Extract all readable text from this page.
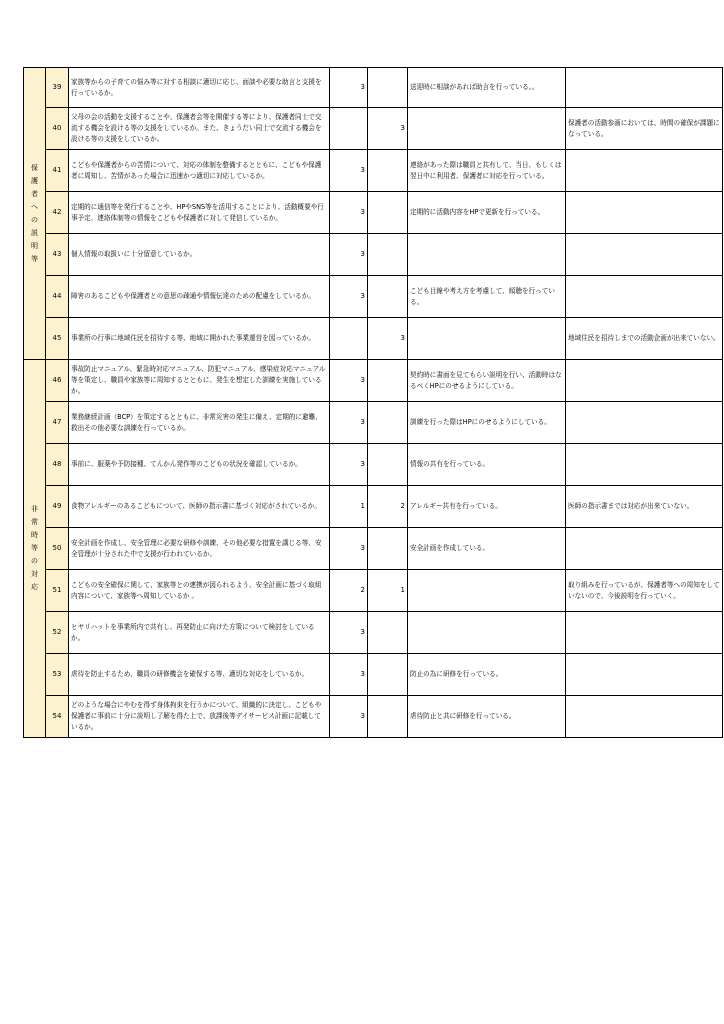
保護者への説明等	39	家族等からの子育ての悩み等に対する相談に適切に応じ、面談や必要な助言と支援を行っているか。	3		送迎時に相談があれば助言を行っている。。	
	40	父母の会の活動を支援することや、保護者会等を開催する等により、保護者同士で交流する機会を設ける等の支援をしているか。また、きょうだい同士で交流する機会を設ける等の支援をしているか。		3		保護者の活動参画においては、時間の確保が課題になっている。
	41	こどもや保護者からの苦情について、対応の体制を整備するとともに、こどもや保護者に周知し、苦情があった場合に迅速かつ適切に対応しているか。	3		連絡があった際は職員と共有して、当日、もしくは翌日中に利用者、保護者に対応を行っている。	
	42	定期的に通信等を発行することや、HPやSNS等を活用することにより、活動概要や行事予定、連絡体制等の情報をこどもや保護者に対して発信しているか。	3		定期的に活動内容をHPで更新を行っている。	
	43	個人情報の取扱いに十分留意しているか。	3			
	44	障害のあるこどもや保護者との意思の疎通や情報伝達のための配慮をしているか。	3		こども目線や考え方を考慮して、傾聴を行っている。	
	45	事業所の行事に地域住民を招待する等、地域に開かれた事業運営を図っているか。		3		地域住民を招待しまでの活動企画が出来ていない。

非常時等の対応	46	事故防止マニュアル、緊急時対応マニュアル、防犯マニュアル、感染症対応マニュアル等を策定し、職員や家族等に周知するとともに、発生を想定した訓練を実施しているか。	3		契約時に書面を見てもらい説明を行い、活動時はなるべくHPにのせるようにしている。	
	47	業務継続計画（BCP）を策定するとともに、非常災害の発生に備え、定期的に避難、救出その他必要な訓練を行っているか。	3		訓練を行った際はHPにのせるようにしている。	
	48	事前に、服薬や予防接種、てんかん発作等のこどもの状況を確認しているか。	3		情報の共有を行っている。	
	49	食物アレルギーのあるこどもについて、医師の指示書に基づく対応がされているか。	1	2	アレルギー共有を行っている。	医師の指示書までは対応が出来ていない。
	50	安全計画を作成し、安全管理に必要な研修や訓練、その他必要な措置を講じる等、安全管理が十分された中で支援が行われているか。	3		安全計画を作成している。	
	51	こどもの安全確保に関して、家族等との連携が図られるよう、安全計画に基づく取組内容について、家族等へ周知しているか 。	2	1		取り組みを行っているが、保護者等への周知をしていないので、今後説明を行っていく。
	52	ヒヤリハットを事業所内で共有し、再発防止に向けた方策について検討をしているか。	3			
	53	虐待を防止するため、職員の研修機会を確保する等、適切な対応をしているか。	3		防止の為に研修を行っている。	
	54	どのような場合にやむを得ず身体拘束を行うかについて、組織的に決定し、こどもや保護者に事前に十分に説明し了解を得た上で、放課後等デイサービス計画に記載しているか。	3		虐待防止と共に研修を行っている。	
